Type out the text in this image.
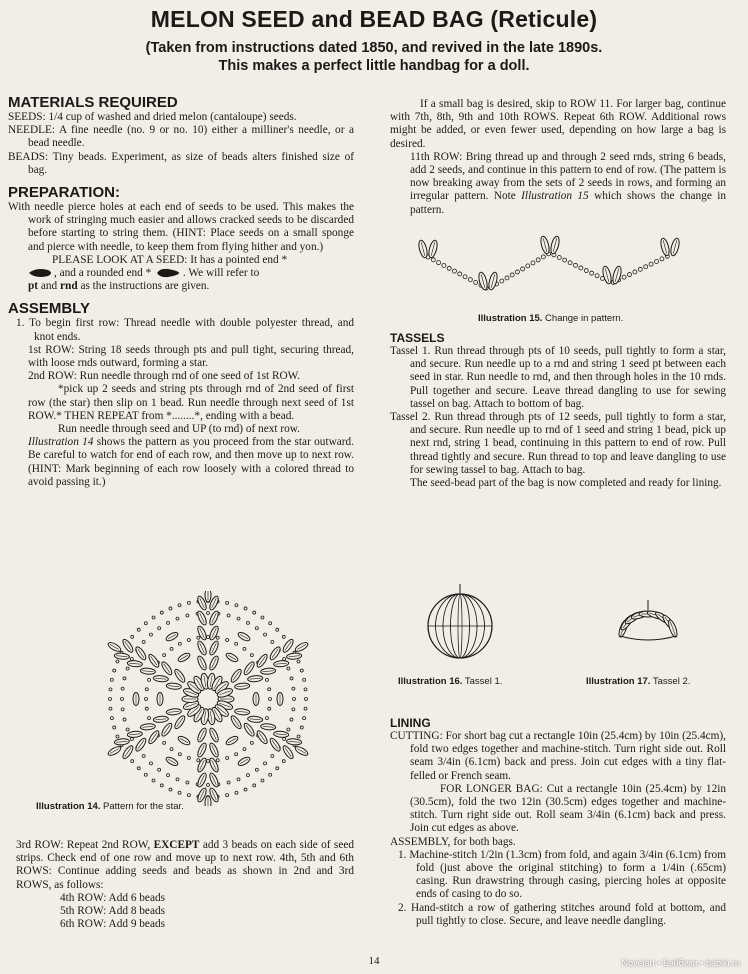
MELON SEED and BEAD BAG (Reticule)
(Taken from instructions dated 1850, and revived in the late 1890s.
This makes a perfect little handbag for a doll.
MATERIALS REQUIRED

SEEDS: 1/4 cup of washed and dried melon (cantaloupe) seeds.

NEEDLE: A fine needle (no. 9 or no. 10) either a milliner's needle, or a bead needle.

BEADS: Tiny beads. Experiment, as size of beads alters finished size of bag.

PREPARATION:

With needle pierce holes at each end of seeds to be used. This makes the work of stringing much easier and allows cracked seeds to be discarded before starting to string them. (HINT: Place seeds on a small sponge and pierce with needle, to keep them from flying hither and yon.)

PLEASE LOOK AT A SEED: It has a pointed end *

, and a rounded end *	. We will refer to
pt and rnd as the instructions are given.

ASSEMBLY

1. To begin first row: Thread needle with double polyester thread, and knot ends.

1st ROW: String 18 seeds through pts and pull tight, securing thread, with loose rnds outward, forming a star.

2nd ROW: Run needle through rnd of one seed of 1st ROW.

*pick up 2 seeds and string pts through rnd of 2nd seed of first row (the star) then slip on 1 bead. Run needle through next seed of 1st ROW.* THEN REPEAT from *........*, ending with a bead.

Run needle through seed and UP (to rnd) of next row.

Illustration 14 shows the pattern as you proceed from the star outward. Be careful to watch for end of each row, and then move up to next row. (HINT: Mark beginning of each row loosely with a colored thread to avoid passing it.)

Illustration 14. Pattern for the star.

3rd ROW: Repeat 2nd ROW, EXCEPT add 3 beads on each side of seed strips. Check end of one row and move up to next row. 4th, 5th and 6th ROWS: Continue adding seeds and beads as shown in 2nd and 3rd ROWS, as follows:

4th ROW: Add 6 beads

5th ROW: Add 8 beads

6th ROW: Add 9 beads

If a small bag is desired, skip to ROW 11. For larger bag, continue with 7th, 8th, 9th and 10th ROWS. Repeat 6th ROW. Additional rows might be added, or even fewer used, depending on how large a bag is desired.

11th ROW: Bring thread up and through 2 seed rnds, string 6 beads, add 2 seeds, and continue in this pattern to end of row. (The pattern is now breaking away from the sets of 2 seeds in rows, and forming an irregular pattern. Note Illustration 15 which shows the change in pattern.

Illustration 15. Change in pattern.
TASSELS

Tassel 1. Run thread through pts of 10 seeds, pull tightly to form a star, and secure. Run needle up to a rnd and string 1 seed pt between each seed in star. Run needle to rnd, and then through holes in the 10 rnds. Pull together and secure. Leave thread dangling to use for sewing tassel on bag. Attach to bottom of bag.

Tassel 2. Run thread through pts of 12 seeds, pull tightly to form a star, and secure. Run needle up to rnd of 1 seed and string 1 bead, pick up next rnd, string 1 bead, continuing in this pattern to end of row. Pull thread tightly and secure. Run thread to top and leave dangling to use for sewing tassel to bag. Attach to bag.

The seed-bead part of the bag is now completed and ready for lining.

Illustration 16. Tassel 1.	Illustration 17. Tassel 2.
LINING

CUTTING: For short bag cut a rectangle 10in (25.4cm) by 10in (25.4cm), fold two edges together and machine-stitch. Turn right side out. Roll seam 3/4in (6.1cm) back and press. Join cut edges with a tiny flat-felled or French seam.

FOR LONGER BAG: Cut a rectangle 10in (25.4cm) by 12in (30.5cm), fold the two 12in (30.5cm) edges together and machine-stitch. Turn right side out. Roll seam 3/4in (6.1cm) back and press. Join cut edges as above.

ASSEMBLY, for both bags.

1. Machine-stitch 1/2in (1.3cm) from fold, and again 3/4in (6.1cm) from fold (just above the original stitching) to form a 1/4in (.65cm) casing. Run drawstring through casing, piercing holes at opposite ends of casing to do so.

2. Hand-stitch a row of gathering stitches around fold at bottom, and pull tightly to close. Secure, and leave needle dangling.

14	Novelart • Бэйбики • babiki.ru
